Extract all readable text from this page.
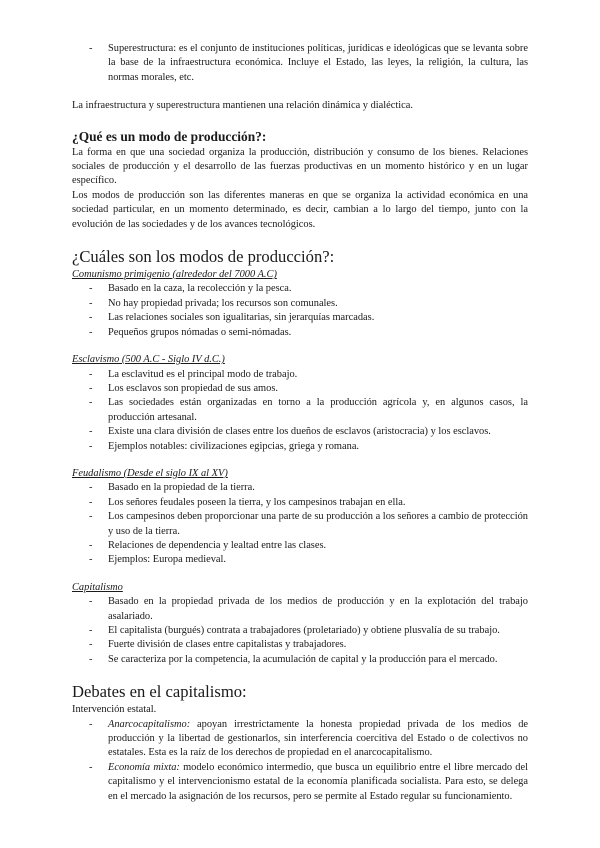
- Superestructura: es el conjunto de instituciones políticas, jurídicas e ideológicas que se levanta sobre la base de la infraestructura económica. Incluye el Estado, las leyes, la religión, la cultura, las normas morales, etc.

La infraestructura y superestructura mantienen una relación dinámica y dialéctica.

¿Qué es un modo de producción?:

La forma en que una sociedad organiza la producción, distribución y consumo de los bienes. Relaciones sociales de producción y el desarrollo de las fuerzas productivas en un momento histórico y en un lugar específico.

Los modos de producción son las diferentes maneras en que se organiza la actividad económica en una sociedad particular, en un momento determinado, es decir, cambian a lo largo del tiempo, junto con la evolución de las sociedades y de los avances tecnológicos.

¿Cuáles son los modos de producción?:
Comunismo primigenio (alrededor del 7000 A.C)
- Basado en la caza, la recolección y la pesca.
- No hay propiedad privada; los recursos son comunales.
- Las relaciones sociales son igualitarias, sin jerarquías marcadas.
- Pequeños grupos nómadas o semi-nómadas.
Esclavismo (500 A.C - Siglo IV d.C.)
- La esclavitud es el principal modo de trabajo.
- Los esclavos son propiedad de sus amos.
- Las sociedades están organizadas en torno a la producción agrícola y, en algunos casos, la producción artesanal.
- Existe una clara división de clases entre los dueños de esclavos (aristocracia) y los esclavos.
- Ejemplos notables: civilizaciones egipcias, griega y romana.
Feudalismo (Desde el siglo IX al XV)
- Basado en la propiedad de la tierra.
- Los señores feudales poseen la tierra, y los campesinos trabajan en ella.
- Los campesinos deben proporcionar una parte de su producción a los señores a cambio de protección y uso de la tierra.
- Relaciones de dependencia y lealtad entre las clases.
- Ejemplos: Europa medieval.
Capitalismo
- Basado en la propiedad privada de los medios de producción y en la explotación del trabajo asalariado.
- El capitalista (burgués) contrata a trabajadores (proletariado) y obtiene plusvalía de su trabajo.
- Fuerte división de clases entre capitalistas y trabajadores.
- Se caracteriza por la competencia, la acumulación de capital y la producción para el mercado.
Debates en el capitalismo:

Intervención estatal.

- Anarcocapitalismo: apoyan irrestrictamente la honesta propiedad privada de los medios de producción y la libertad de gestionarlos, sin interferencia coercitiva del Estado o de colectivos no estatales. Esta es la raíz de los derechos de propiedad en el anarcocapitalismo.
- Economía mixta: modelo económico intermedio, que busca un equilibrio entre el libre mercado del capitalismo y el intervencionismo estatal de la economía planificada socialista. Para esto, se delega en el mercado la asignación de los recursos, pero se permite al Estado regular su funcionamiento.
